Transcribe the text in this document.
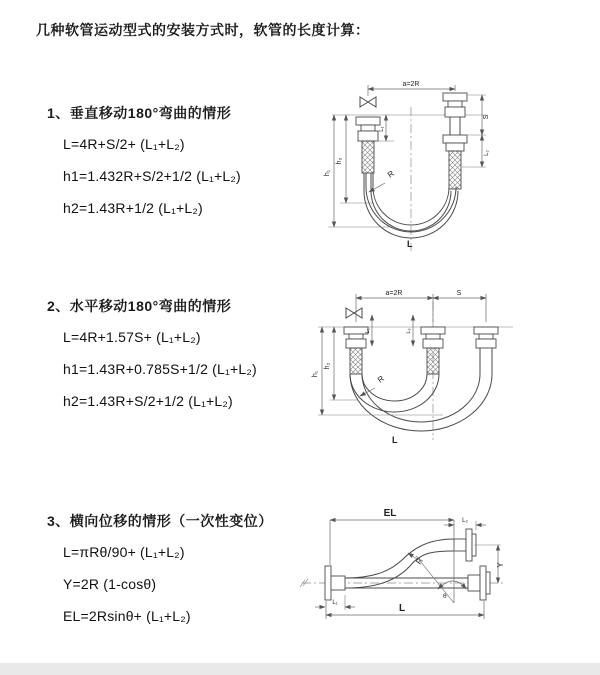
几种软管运动型式的安装方式时，软管的长度计算：
1、垂直移动180°弯曲的情形

L=4R+S/2+ (L₁+L₂)

h1=1.432R+S/2+1/2 (L₁+L₂)

h2=1.43R+1/2 (L₁+L₂)

a=2R
h₁
h₂
L₁
S
L₂
R
L
2、水平移动180°弯曲的情形

L=4R+1.57S+ (L₁+L₂)

h1=1.43R+0.785S+1/2 (L₁+L₂)

h2=1.43R+S/2+1/2 (L₁+L₂)

a=2R	S
h₁
h₂
L₁	L₂
R
L
3、横向位移的情形（一次性变位）

L=πRθ/90+ (L₁+L₂)

Y=2R (1-cosθ)

EL=2Rsinθ+ (L₁+L₂)

EL
L₂
Y
R
θ
L
L₁
